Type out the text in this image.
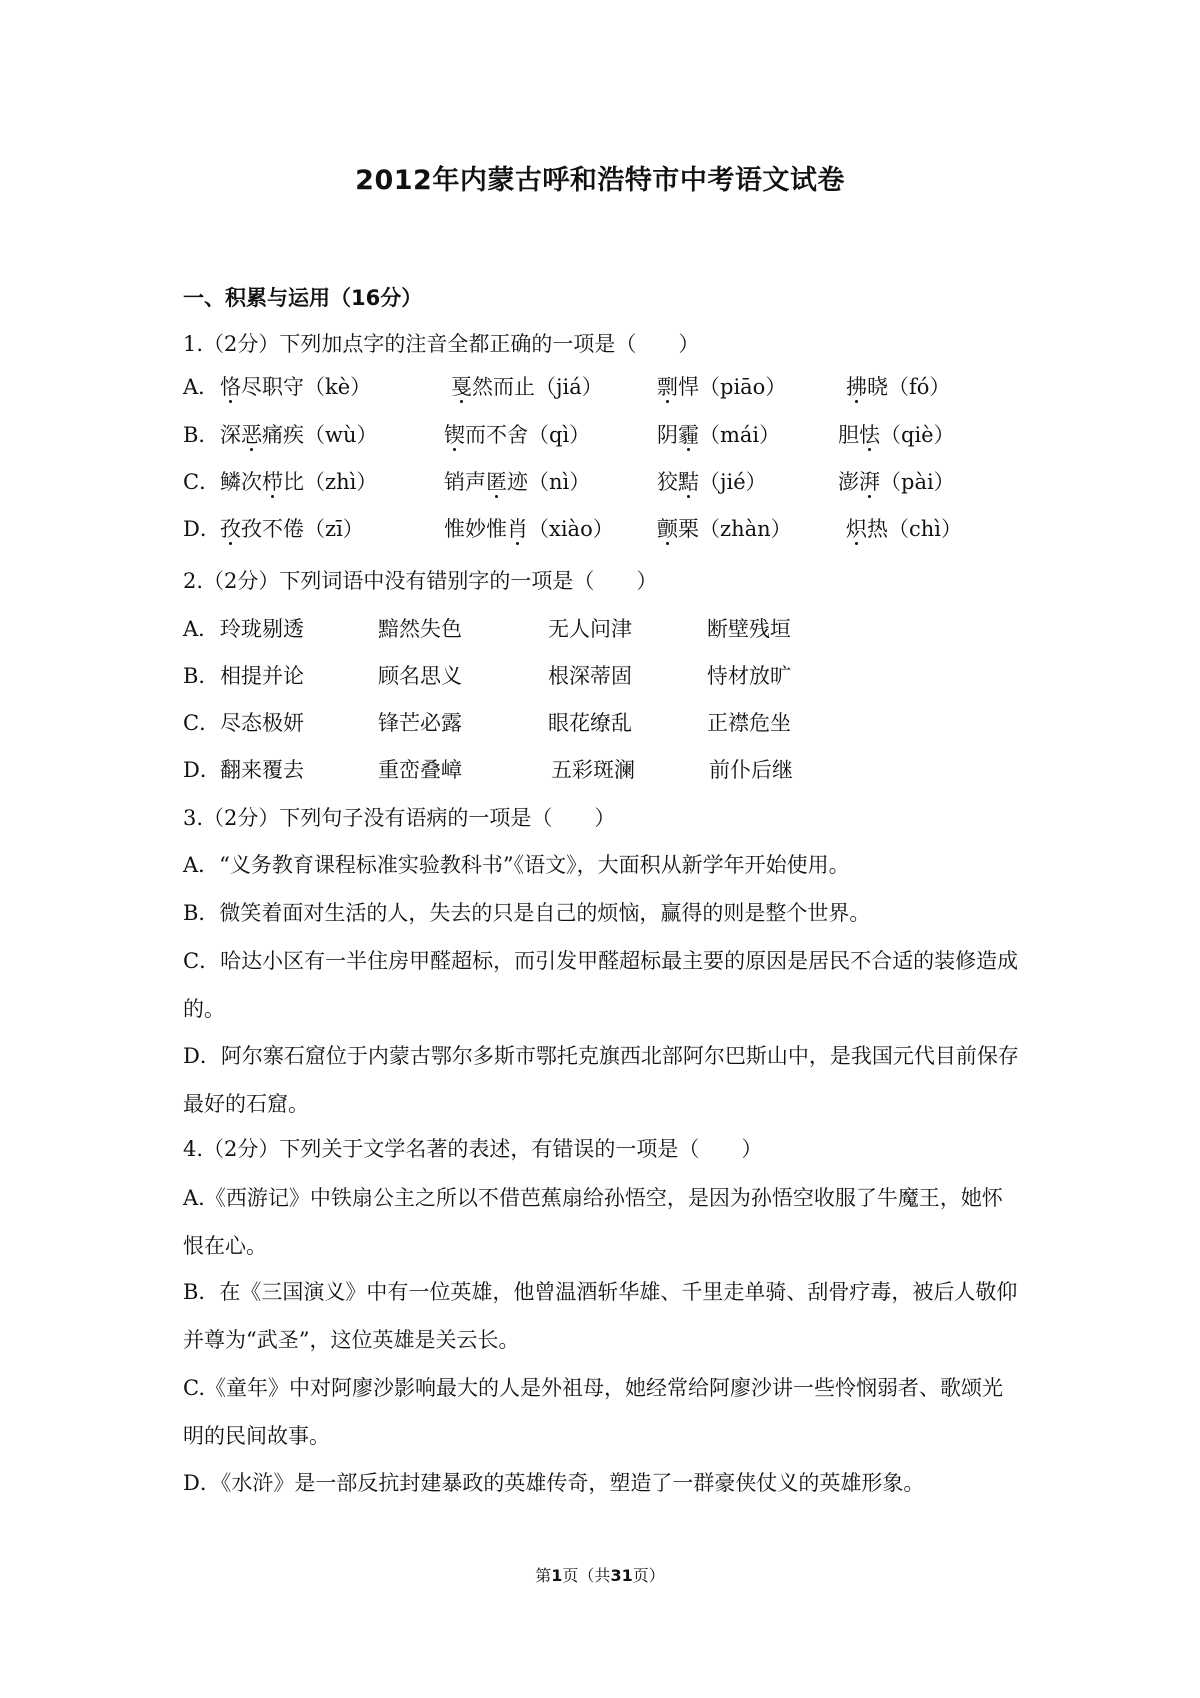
2012年内蒙古呼和浩特市中考语文试卷
一、积累与运用（16分）
1.（2分）下列加点字的注音全都正确的一项是（　　）
A． 恪尽职守（kè）	戛然而止（jiá）	剽悍（piāo）	拂晓（fó）
B． 深恶痛疾（wù）	锲而不舍（qì）	阴霾（mái）	胆怯（qiè）
C． 鳞次栉比（zhì）	销声匿迹（nì）	狡黠（jié）	澎湃（pài）
D． 孜孜不倦（zī）	惟妙惟肖（xiào） 颤栗（zhàn）	炽热（chì）
2.（2分）下列词语中没有错别字的一项是（　　）
A． 玲珑剔透	黯然失色	无人问津	断壁残垣
B． 相提并论	顾名思义	根深蒂固	恃材放旷
C． 尽态极妍	锋芒必露	眼花缭乱	正襟危坐
D． 翻来覆去	重峦叠嶂	五彩斑澜	前仆后继
3.（2分）下列句子没有语病的一项是（　　）
A．“义务教育课程标准实验教科书”《语文》，大面积从新学年开始使用。
B．微笑着面对生活的人，失去的只是自己的烦恼，赢得的则是整个世界。
C．哈达小区有一半住房甲醛超标，而引发甲醛超标最主要的原因是居民不合适的装修造成的。
D．阿尔寨石窟位于内蒙古鄂尔多斯市鄂托克旗西北部阿尔巴斯山中，是我国元代目前保存最好的石窟。
4.（2分）下列关于文学名著的表述，有错误的一项是（　　）
A.《西游记》中铁扇公主之所以不借芭蕉扇给孙悟空，是因为孙悟空收服了牛魔王，她怀恨在心。
B．在《三国演义》中有一位英雄，他曾温酒斩华雄、千里走单骑、刮骨疗毒，被后人敬仰并尊为“武圣”，这位英雄是关云长。
C.《童年》中对阿廖沙影响最大的人是外祖母，她经常给阿廖沙讲一些怜悯弱者、歌颂光明的民间故事。
D．《水浒》是一部反抗封建暴政的英雄传奇，塑造了一群豪侠仗义的英雄形象。
第1页（共31页）
